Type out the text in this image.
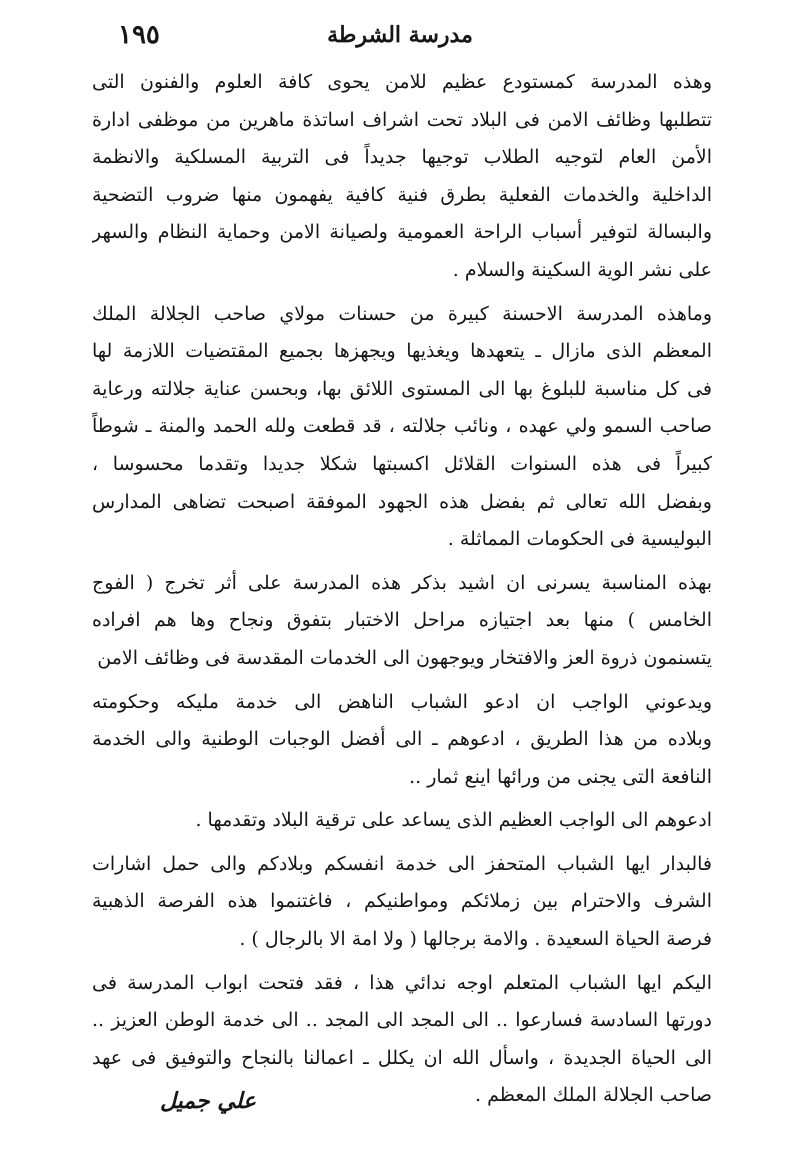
١٩٥	مدرسة الشرطة
وهذه المدرسة كمستودع عظيم للامن يحوى كافة العلوم والفنون التى
تتطلبها وظائف الامن فى البلاد تحت اشراف اساتذة ماهرين من موظفى ادارة
الأمن العام لتوجيه الطلاب توجيها جديداً فى التربية المسلكية والانظمة
الداخلية والخدمات الفعلية بطرق فنية كافية يفهمون منها ضروب التضحية
والبسالة لتوفير أسباب الراحة العمومية ولصيانة الامن وحماية النظام والسهر
على نشر الوية السكينة والسلام .
وماهذه المدرسة الاحسنة كبيرة من حسنات مولاي صاحب الجلالة الملك
المعظم الذى مازال ـ يتعهدها ويغذيها ويجهزها بجميع المقتضيات اللازمة لها
فى كل مناسبة للبلوغ بها الى المستوى اللائق بها، وبحسن عناية جلالته ورعاية
صاحب السمو ولي عهده ، ونائب جلالته ، قد قطعت ولله الحمد والمنة ـ شوطاً
كبيراً فى هذه السنوات القلائل اكسبتها شكلا جديدا وتقدما محسوسا ،
وبفضل الله تعالى ثم بفضل هذه الجهود الموفقة اصبحت تضاهى المدارس
البوليسية فى الحكومات المماثلة .
بهذه المناسبة يسرنى ان اشيد بذكر هذه المدرسة على أثر تخرج ( الفوج
الخامس ) منها بعد اجتيازه مراحل الاختبار بتفوق ونجاح وها هم افراده
يتسنمون ذروة العز والافتخار ويوجهون الى الخدمات المقدسة فى وظائف الامن
ويدعوني الواجب ان ادعو الشباب الناهض الى خدمة مليكه وحكومته
وبلاده من هذا الطريق ، ادعوهم ـ الى أفضل الوجبات الوطنية والى الخدمة
النافعة التى يجنى من ورائها اينع ثمار ..
ادعوهم الى الواجب العظيم الذى يساعد على ترقية البلاد وتقدمها .
فالبدار ايها الشباب المتحفز الى خدمة انفسكم وبلادكم والى حمل اشارات
الشرف والاحترام بين زملائكم ومواطنيكم ، فاغتنموا هذه الفرصة الذهبية
فرصة الحياة السعيدة . والامة برجالها ( ولا امة الا بالرجال ) .
اليكم ايها الشباب المتعلم اوجه ندائي هذا ، فقد فتحت ابواب المدرسة فى
دورتها السادسة فسارعوا .. الى المجد الى المجد .. الى خدمة الوطن العزيز ..
الى الحياة الجديدة ، واسأل الله ان يكلل ـ اعمالنا بالنجاح والتوفيق فى عهد
صاحب الجلالة الملك المعظم .
علي جميل
